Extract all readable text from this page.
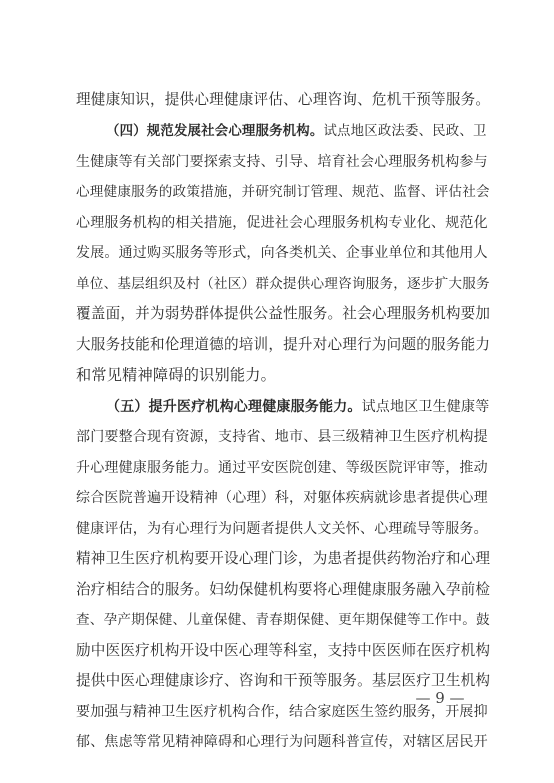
理健康知识，提供心理健康评估、心理咨询、危机干预等服务。
（四）规范发展社会心理服务机构。试点地区政法委、民政、卫
生健康等有关部门要探索支持、引导、培育社会心理服务机构参与
心理健康服务的政策措施，并研究制订管理、规范、监督、评估社会
心理服务机构的相关措施，促进社会心理服务机构专业化、规范化
发展。通过购买服务等形式，向各类机关、企事业单位和其他用人
单位、基层组织及村（社区）群众提供心理咨询服务，逐步扩大服务
覆盖面，并为弱势群体提供公益性服务。社会心理服务机构要加
大服务技能和伦理道德的培训，提升对心理行为问题的服务能力
和常见精神障碍的识别能力。
（五）提升医疗机构心理健康服务能力。试点地区卫生健康等
部门要整合现有资源，支持省、地市、县三级精神卫生医疗机构提
升心理健康服务能力。通过平安医院创建、等级医院评审等，推动
综合医院普遍开设精神（心理）科，对躯体疾病就诊患者提供心理
健康评估，为有心理行为问题者提供人文关怀、心理疏导等服务。
精神卫生医疗机构要开设心理门诊，为患者提供药物治疗和心理
治疗相结合的服务。妇幼保健机构要将心理健康服务融入孕前检
查、孕产期保健、儿童保健、青春期保健、更年期保健等工作中。鼓
励中医医疗机构开设中医心理等科室，支持中医医师在医疗机构
提供中医心理健康诊疗、咨询和干预等服务。基层医疗卫生机构
要加强与精神卫生医疗机构合作，结合家庭医生签约服务，开展抑
郁、焦虑等常见精神障碍和心理行为问题科普宣传，对辖区居民开
— 9 —
